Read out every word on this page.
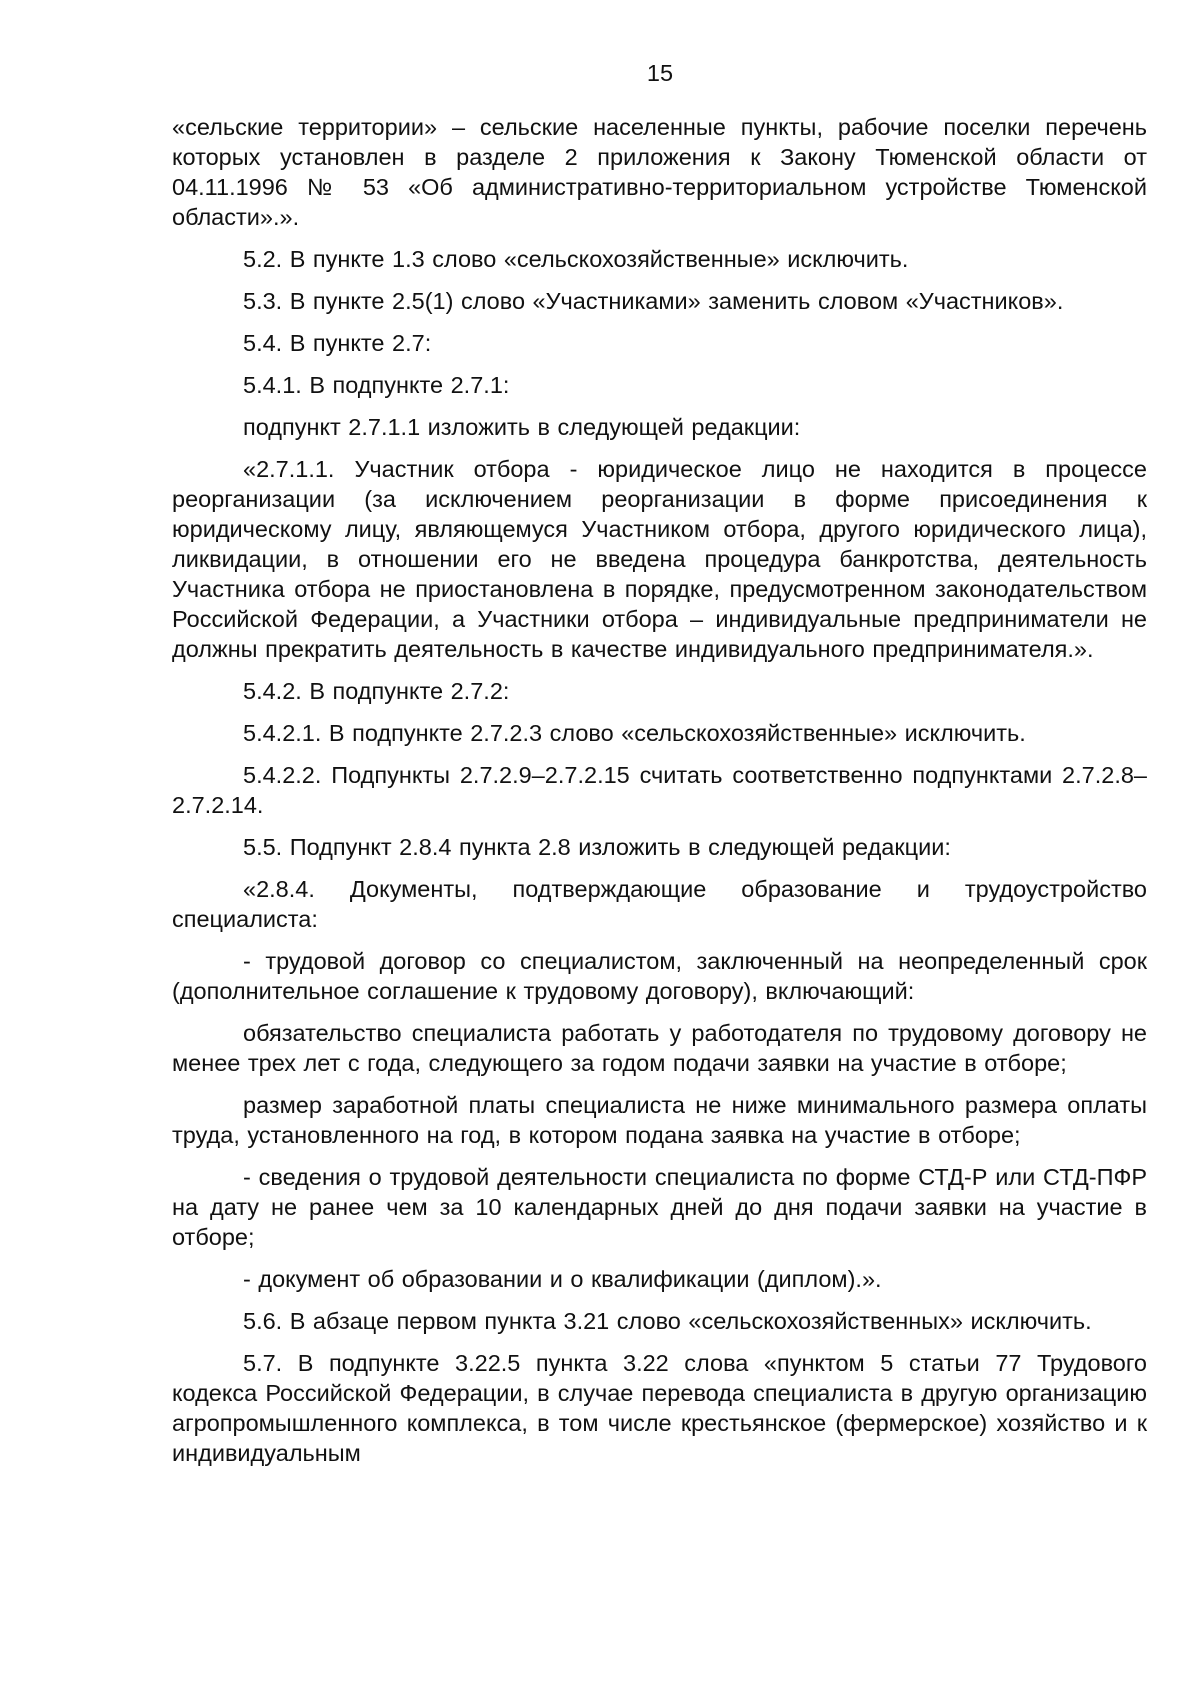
15

«сельские территории» – сельские населенные пункты, рабочие поселки перечень которых установлен в разделе 2 приложения к Закону Тюменской области от 04.11.1996 № 53 «Об административно-территориальном устройстве Тюменской области».».

5.2. В пункте 1.3 слово «сельскохозяйственные» исключить.

5.3. В пункте 2.5(1) слово «Участниками» заменить словом «Участников».

5.4. В пункте 2.7:

5.4.1. В подпункте 2.7.1:

подпункт 2.7.1.1 изложить в следующей редакции:

«2.7.1.1. Участник отбора - юридическое лицо не находится в процессе реорганизации (за исключением реорганизации в форме присоединения к юридическому лицу, являющемуся Участником отбора, другого юридического лица), ликвидации, в отношении его не введена процедура банкротства, деятельность Участника отбора не приостановлена в порядке, предусмотренном законодательством Российской Федерации, а Участники отбора – индивидуальные предприниматели не должны прекратить деятельность в качестве индивидуального предпринимателя.».

5.4.2. В подпункте 2.7.2:

5.4.2.1. В подпункте 2.7.2.3 слово «сельскохозяйственные» исключить.

5.4.2.2. Подпункты 2.7.2.9–2.7.2.15 считать соответственно подпунктами 2.7.2.8–2.7.2.14.

5.5. Подпункт 2.8.4 пункта 2.8 изложить в следующей редакции:

«2.8.4. Документы, подтверждающие образование и трудоустройство специалиста:

- трудовой договор со специалистом, заключенный на неопределенный срок (дополнительное соглашение к трудовому договору), включающий:

обязательство специалиста работать у работодателя по трудовому договору не менее трех лет с года, следующего за годом подачи заявки на участие в отборе;

размер заработной платы специалиста не ниже минимального размера оплаты труда, установленного на год, в котором подана заявка на участие в отборе;

- сведения о трудовой деятельности специалиста по форме СТД-Р или СТД-ПФР на дату не ранее чем за 10 календарных дней до дня подачи заявки на участие в отборе;

- документ об образовании и о квалификации (диплом).».

5.6. В абзаце первом пункта 3.21 слово «сельскохозяйственных» исключить.

5.7. В подпункте 3.22.5 пункта 3.22 слова «пунктом 5 статьи 77 Трудового кодекса Российской Федерации, в случае перевода специалиста в другую организацию агропромышленного комплекса, в том числе крестьянское (фермерское) хозяйство и к индивидуальным
